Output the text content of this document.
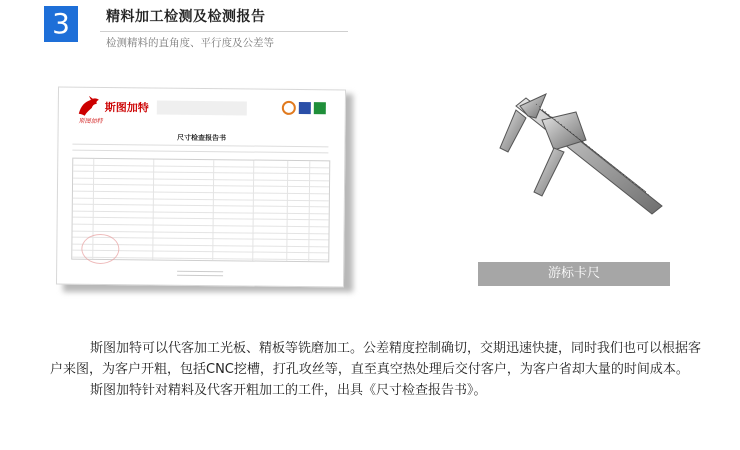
3	精料加工检测及检测报告
检测精料的直角度、平行度及公差等
斯图加特
斯图加特
尺寸检查报告书
游标卡尺

斯图加特可以代客加工光板、精板等铣磨加工。公差精度控制确切，交期迅速快捷，同时我们也可以根据客户来图，为客户开粗，包括CNC挖槽，打孔攻丝等，直至真空热处理后交付客户，为客户省却大量的时间成本。

斯图加特针对精料及代客开粗加工的工件，出具《尺寸检查报告书》。
